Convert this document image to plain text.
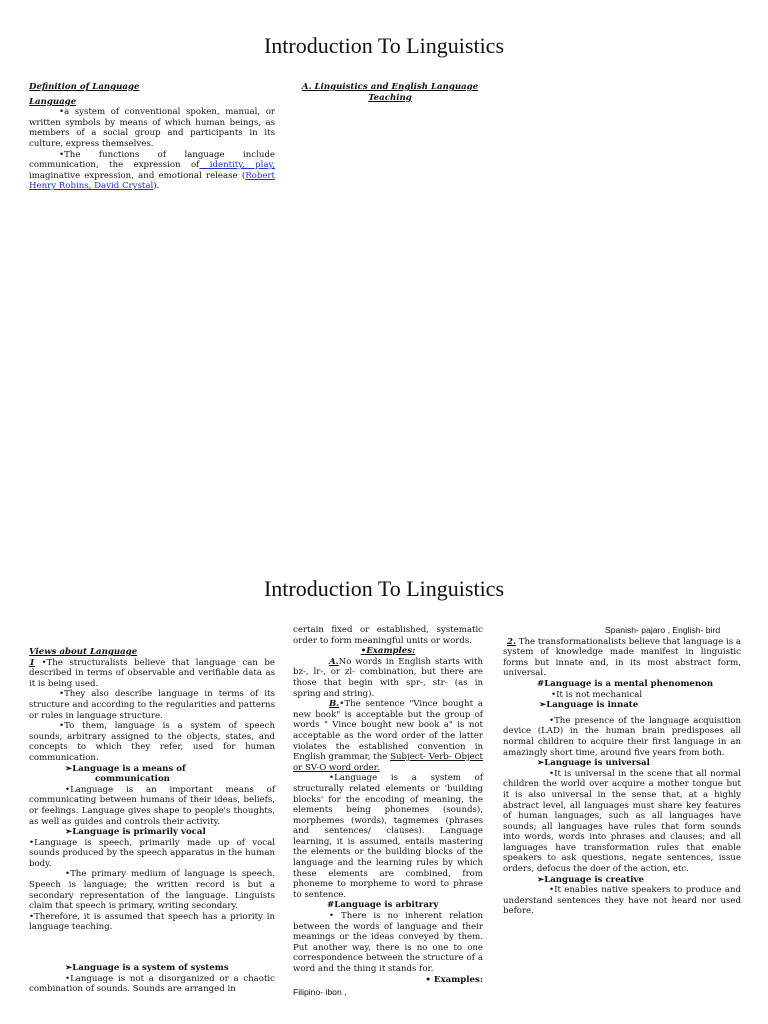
Introduction To Linguistics

Definition of Language

Language

•a system of conventional spoken, manual, or written symbols by means of which human beings, as members of a social group and participants in its culture, express themselves.

•The functions of language include communication, the expression of identity, play, imaginative expression, and emotional release (Robert Henry Robins, David Crystal).

A. Linguistics and English Language Teaching

Introduction To Linguistics

Views about Language

1 •The structuralists believe that language can be described in terms of observable and verifiable data as it is being used.

•They also describe language in terms of its structure and according to the regularities and patterns or rules in language structure.

•To them, language is a system of speech sounds, arbitrary assigned to the objects, states, and concepts to which they refer, used for human communication.

➢Language is a means of

communication

•Language is an important means of communicating between humans of their ideas, beliefs, or feelings. Language gives shape to people's thoughts, as well as guides and controls their activity.

➢Language is primarily vocal

•Language is speech, primarily made up of vocal sounds produced by the speech apparatus in the human body.

•The primary medium of language is speech. Speech is language; the written record is but a secondary representation of the language. Linguists claim that speech is primary, writing secondary.

•Therefore, it is assumed that speech has a priority in language teaching.

➢Language is a system of systems

•Language is not a disorganized or a chaotic combination of sounds. Sounds are arranged in

certain fixed or established, systematic order to form meaningful units or words.

•Examples:

A.No words in English starts with bz-, lr-, or zl- combination, but there are those that begin with spr-, str- (as in spring and string).

B.•The sentence "Vince bought a new book" is acceptable but the group of words " Vince bought new book a" is not acceptable as the word order of the latter violates the established convention in English grammar, the Subject- Verb- Object or SV-O word order.

•Language is a system of structurally related elements or 'building blocks' for the encoding of meaning, the elements being phonemes (sounds), morphemes (words), tagmemes (phrases and sentences/ clauses). Language learning, it is assumed, entails mastering the elements or the building blocks of the language and the learning rules by which these elements are combined, from phoneme to morpheme to word to phrase to sentence.

#Language is arbitrary

• There is no inherent relation between the words of language and their meanings or the ideas conveyed by them. Put another way, there is no one to one correspondence between the structure of a word and the thing it stands for.

• Examples:

Filipino- ibon ,

Spanish- pajaro , English- bird

2. The transformationalists believe that language is a system of knowledge made manifest in linguistic forms but innate and, in its most abstract form, universal.

#Language is a mental phenomenon

•It is not mechanical

➢Language is innate

•The presence of the language acquisition device (LAD) in the human brain predisposes all normal children to acquire their first language in an amazingly short time, around five years from both.

➢Language is universal

•It is universal in the scene that all normal children the world over acquire a mother tongue but it is also universal in the sense that, at a highly abstract level, all languages must share key features of human languages, such as all languages have sounds; all languages have rules that form sounds into words, words into phrases and clauses; and all languages have transformation rules that enable speakers to ask questions, negate sentences, issue orders, defocus the doer of the action, etc.

➢Language is creative

•It enables native speakers to produce and understand sentences they have not heard nor used before.
